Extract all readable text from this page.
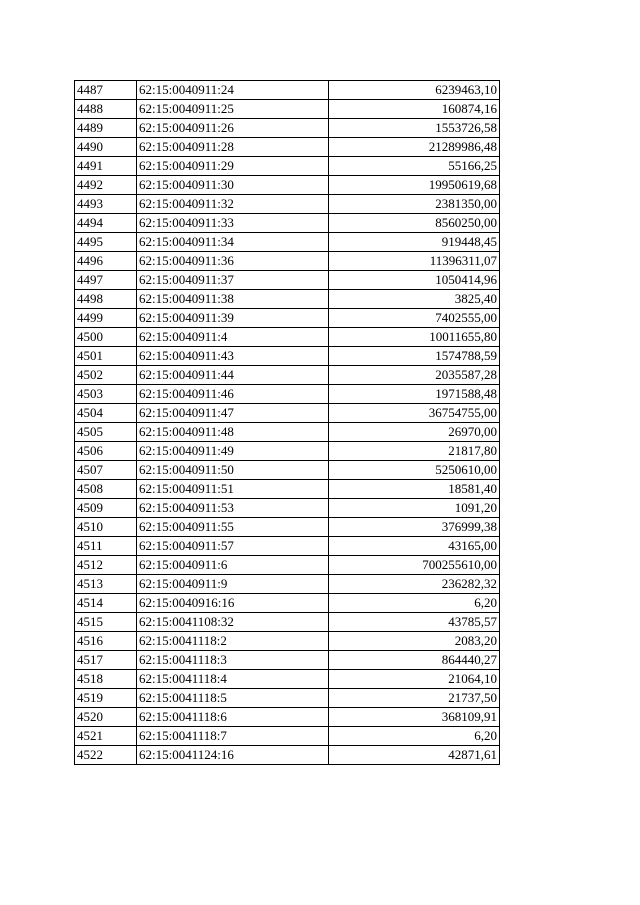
4487	62:15:0040911:24	6239463,10
4488	62:15:0040911:25	160874,16
4489	62:15:0040911:26	1553726,58
4490	62:15:0040911:28	21289986,48
4491	62:15:0040911:29	55166,25
4492	62:15:0040911:30	19950619,68
4493	62:15:0040911:32	2381350,00
4494	62:15:0040911:33	8560250,00
4495	62:15:0040911:34	919448,45
4496	62:15:0040911:36	11396311,07
4497	62:15:0040911:37	1050414,96
4498	62:15:0040911:38	3825,40
4499	62:15:0040911:39	7402555,00
4500	62:15:0040911:4	10011655,80
4501	62:15:0040911:43	1574788,59
4502	62:15:0040911:44	2035587,28
4503	62:15:0040911:46	1971588,48
4504	62:15:0040911:47	36754755,00
4505	62:15:0040911:48	26970,00
4506	62:15:0040911:49	21817,80
4507	62:15:0040911:50	5250610,00
4508	62:15:0040911:51	18581,40
4509	62:15:0040911:53	1091,20
4510	62:15:0040911:55	376999,38
4511	62:15:0040911:57	43165,00
4512	62:15:0040911:6	700255610,00
4513	62:15:0040911:9	236282,32
4514	62:15:0040916:16	6,20
4515	62:15:0041108:32	43785,57
4516	62:15:0041118:2	2083,20
4517	62:15:0041118:3	864440,27
4518	62:15:0041118:4	21064,10
4519	62:15:0041118:5	21737,50
4520	62:15:0041118:6	368109,91
4521	62:15:0041118:7	6,20
4522	62:15:0041124:16	42871,61
